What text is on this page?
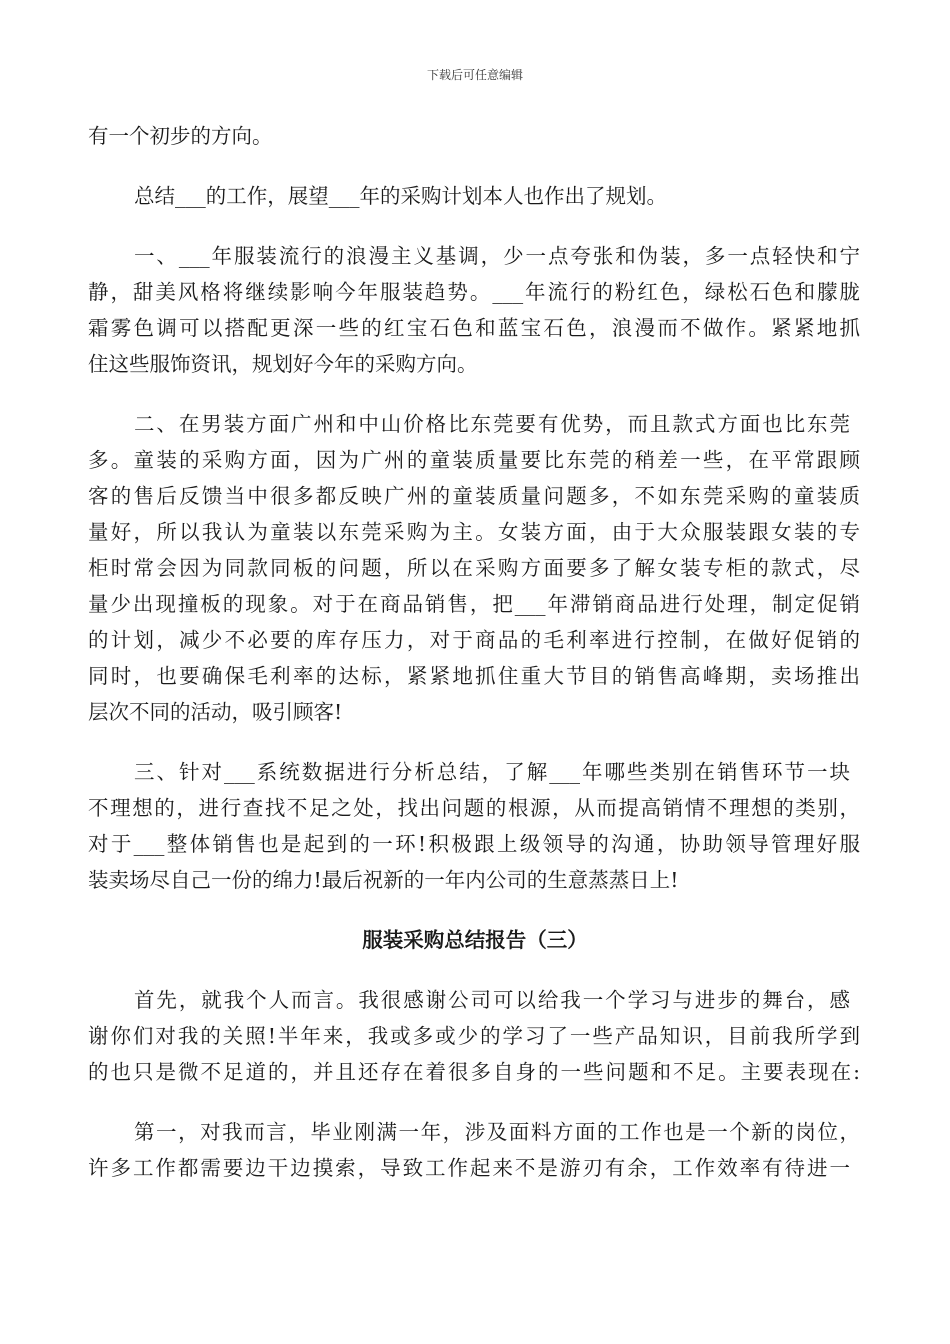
下载后可任意编辑
有一个初步的方向。
总结___的工作，展望___年的采购计划本人也作出了规划。
一、___年服装流行的浪漫主义基调，少一点夸张和伪装，多一点轻快和宁
静，甜美风格将继续影响今年服装趋势。___年流行的粉红色，绿松石色和朦胧
霜雾色调可以搭配更深一些的红宝石色和蓝宝石色，浪漫而不做作。紧紧地抓
住这些服饰资讯，规划好今年的采购方向。
二、在男装方面广州和中山价格比东莞要有优势，而且款式方面也比东莞
多。童装的采购方面，因为广州的童装质量要比东莞的稍差一些，在平常跟顾
客的售后反馈当中很多都反映广州的童装质量问题多，不如东莞采购的童装质
量好，所以我认为童装以东莞采购为主。女装方面，由于大众服装跟女装的专
柜时常会因为同款同板的问题，所以在采购方面要多了解女装专柜的款式，尽
量少出现撞板的现象。对于在商品销售，把___年滞销商品进行处理，制定促销
的计划，减少不必要的库存压力，对于商品的毛利率进行控制，在做好促销的
同时，也要确保毛利率的达标，紧紧地抓住重大节目的销售高峰期，卖场推出
层次不同的活动，吸引顾客!
三、针对___系统数据进行分析总结，了解___年哪些类别在销售环节一块
不理想的，进行查找不足之处，找出问题的根源，从而提高销情不理想的类别，
对于___整体销售也是起到的一环!积极跟上级领导的沟通，协助领导管理好服
装卖场尽自己一份的绵力!最后祝新的一年内公司的生意蒸蒸日上!
服装采购总结报告（三）
首先，就我个人而言。我很感谢公司可以给我一个学习与进步的舞台，感
谢你们对我的关照!半年来，我或多或少的学习了一些产品知识，目前我所学到
的也只是微不足道的，并且还存在着很多自身的一些问题和不足。主要表现在:
第一，对我而言，毕业刚满一年，涉及面料方面的工作也是一个新的岗位，
许多工作都需要边干边摸索，导致工作起来不是游刃有余，工作效率有待进一
